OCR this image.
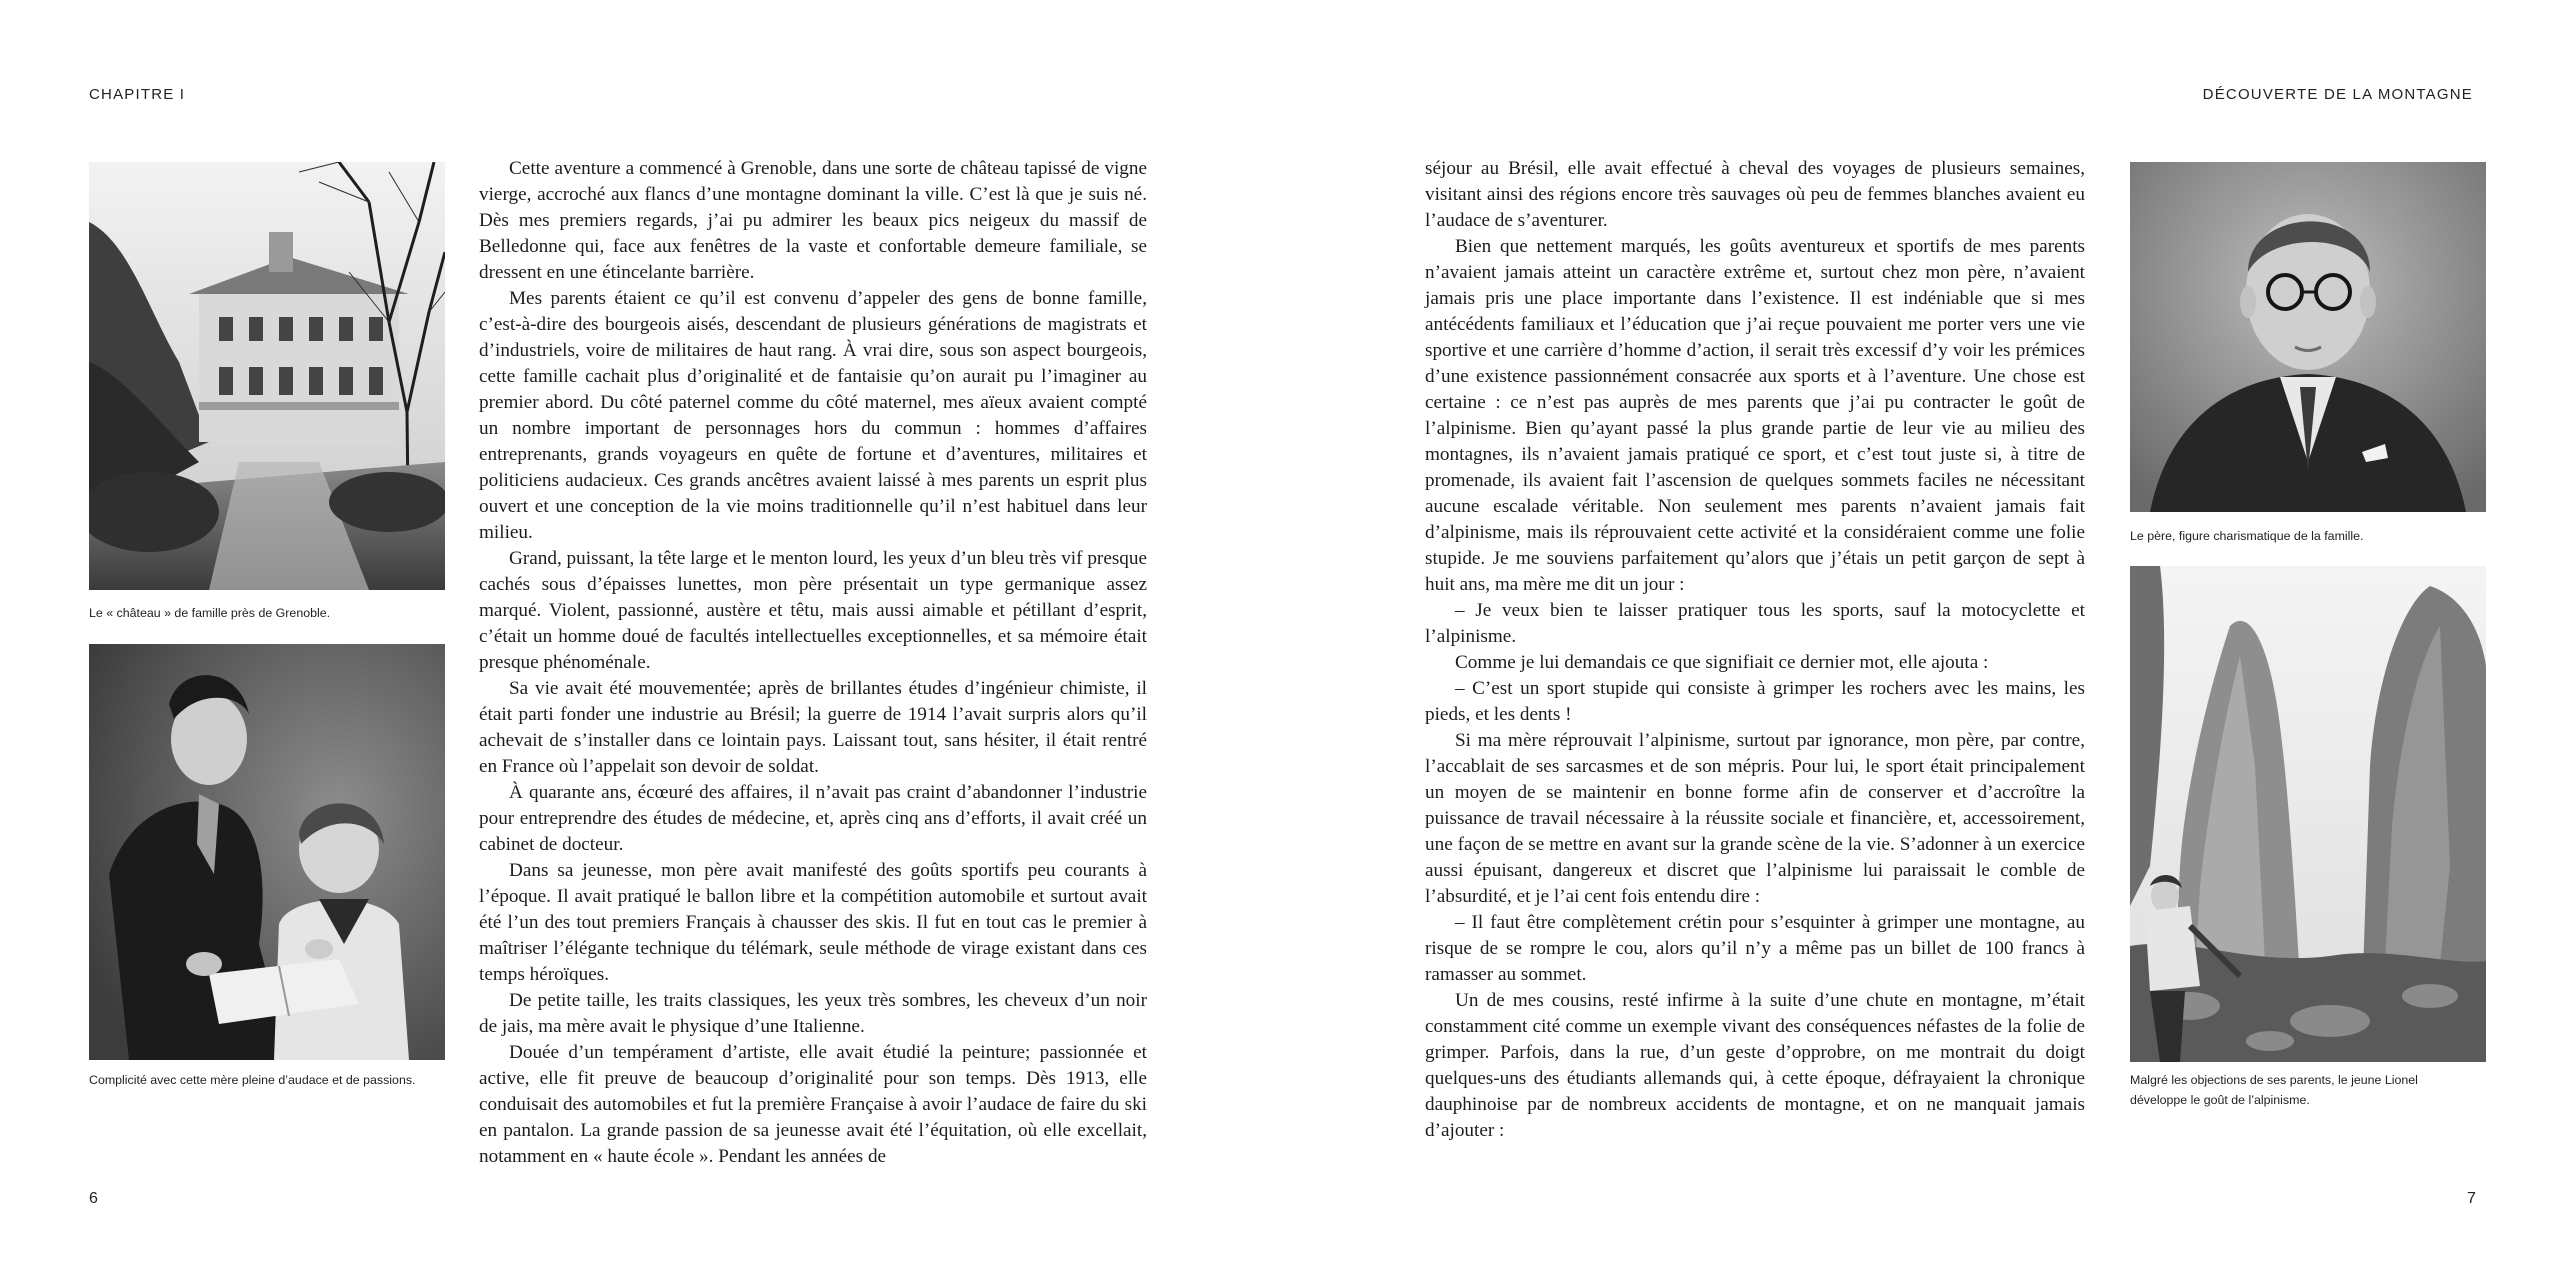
CHAPITRE I
Le « château » de famille près de Grenoble.
Complicité avec cette mère pleine d’audace et de passions.

Cette aventure a commencé à Grenoble, dans une sorte de château tapissé de vigne vierge, accroché aux flancs d’une montagne dominant la ville. C’est là que je suis né. Dès mes premiers regards, j’ai pu admirer les beaux pics neigeux du massif de Belledonne qui, face aux fenêtres de la vaste et confortable demeure familiale, se dressent en une étincelante barrière.

Mes parents étaient ce qu’il est convenu d’appeler des gens de bonne famille, c’est-à-dire des bourgeois aisés, descendant de plusieurs générations de magistrats et d’industriels, voire de militaires de haut rang. À vrai dire, sous son aspect bourgeois, cette famille cachait plus d’originalité et de fantaisie qu’on aurait pu l’imaginer au premier abord. Du côté paternel comme du côté maternel, mes aïeux avaient compté un nombre important de personnages hors du commun : hommes d’affaires entreprenants, grands voyageurs en quête de fortune et d’aventures, militaires et politiciens audacieux. Ces grands ancêtres avaient laissé à mes parents un esprit plus ouvert et une conception de la vie moins traditionnelle qu’il n’est habituel dans leur milieu.

Grand, puissant, la tête large et le menton lourd, les yeux d’un bleu très vif presque cachés sous d’épaisses lunettes, mon père présentait un type germanique assez marqué. Violent, passionné, austère et têtu, mais aussi aimable et pétillant d’esprit, c’était un homme doué de facultés intellectuelles exceptionnelles, et sa mémoire était presque phénoménale.

Sa vie avait été mouvementée; après de brillantes études d’ingénieur chimiste, il était parti fonder une industrie au Brésil; la guerre de 1914 l’avait surpris alors qu’il achevait de s’installer dans ce lointain pays. Laissant tout, sans hésiter, il était rentré en France où l’appelait son devoir de soldat.

À quarante ans, écœuré des affaires, il n’avait pas craint d’abandonner l’industrie pour entreprendre des études de médecine, et, après cinq ans d’efforts, il avait créé un cabinet de docteur.

Dans sa jeunesse, mon père avait manifesté des goûts sportifs peu courants à l’époque. Il avait pratiqué le ballon libre et la compétition automobile et surtout avait été l’un des tout premiers Français à chausser des skis. Il fut en tout cas le premier à maîtriser l’élégante technique du télémark, seule méthode de virage existant dans ces temps héroïques.

De petite taille, les traits classiques, les yeux très sombres, les cheveux d’un noir de jais, ma mère avait le physique d’une Italienne.

Douée d’un tempérament d’artiste, elle avait étudié la peinture; passionnée et active, elle fit preuve de beaucoup d’originalité pour son temps. Dès 1913, elle conduisait des automobiles et fut la première Française à avoir l’audace de faire du ski en pantalon. La grande passion de sa jeunesse avait été l’équitation, où elle excellait, notamment en « haute école ». Pendant les années de

6
DÉCOUVERTE DE LA MONTAGNE

séjour au Brésil, elle avait effectué à cheval des voyages de plusieurs semaines, visitant ainsi des régions encore très sauvages où peu de femmes blanches avaient eu l’audace de s’aventurer.

Bien que nettement marqués, les goûts aventureux et sportifs de mes parents n’avaient jamais atteint un caractère extrême et, surtout chez mon père, n’avaient jamais pris une place importante dans l’existence. Il est indéniable que si mes antécédents familiaux et l’éducation que j’ai reçue pouvaient me porter vers une vie sportive et une carrière d’homme d’action, il serait très excessif d’y voir les prémices d’une existence passionnément consacrée aux sports et à l’aventure. Une chose est certaine : ce n’est pas auprès de mes parents que j’ai pu contracter le goût de l’alpinisme. Bien qu’ayant passé la plus grande partie de leur vie au milieu des montagnes, ils n’avaient jamais pratiqué ce sport, et c’est tout juste si, à titre de promenade, ils avaient fait l’ascension de quelques sommets faciles ne nécessitant aucune escalade véritable. Non seulement mes parents n’avaient jamais fait d’alpinisme, mais ils réprouvaient cette activité et la considéraient comme une folie stupide. Je me souviens parfaitement qu’alors que j’étais un petit garçon de sept à huit ans, ma mère me dit un jour :

– Je veux bien te laisser pratiquer tous les sports, sauf la motocyclette et l’alpinisme.

Comme je lui demandais ce que signifiait ce dernier mot, elle ajouta :

– C’est un sport stupide qui consiste à grimper les rochers avec les mains, les pieds, et les dents !

Si ma mère réprouvait l’alpinisme, surtout par ignorance, mon père, par contre, l’accablait de ses sarcasmes et de son mépris. Pour lui, le sport était principalement un moyen de se maintenir en bonne forme afin de conserver et d’accroître la puissance de travail nécessaire à la réussite sociale et financière, et, accessoirement, une façon de se mettre en avant sur la grande scène de la vie. S’adonner à un exercice aussi épuisant, dangereux et discret que l’alpinisme lui paraissait le comble de l’absurdité, et je l’ai cent fois entendu dire :

– Il faut être complètement crétin pour s’esquinter à grimper une montagne, au risque de se rompre le cou, alors qu’il n’y a même pas un billet de 100 francs à ramasser au sommet.

Un de mes cousins, resté infirme à la suite d’une chute en montagne, m’était constamment cité comme un exemple vivant des conséquences néfastes de la folie de grimper. Parfois, dans la rue, d’un geste d’opprobre, on me montrait du doigt quelques-uns des étudiants allemands qui, à cette époque, défrayaient la chronique dauphinoise par de nombreux accidents de montagne, et on ne manquait jamais d’ajouter :

Le père, figure charismatique de la famille.
Malgré les objections de ses parents, le jeune Lionel développe le goût de l’alpinisme.
7
